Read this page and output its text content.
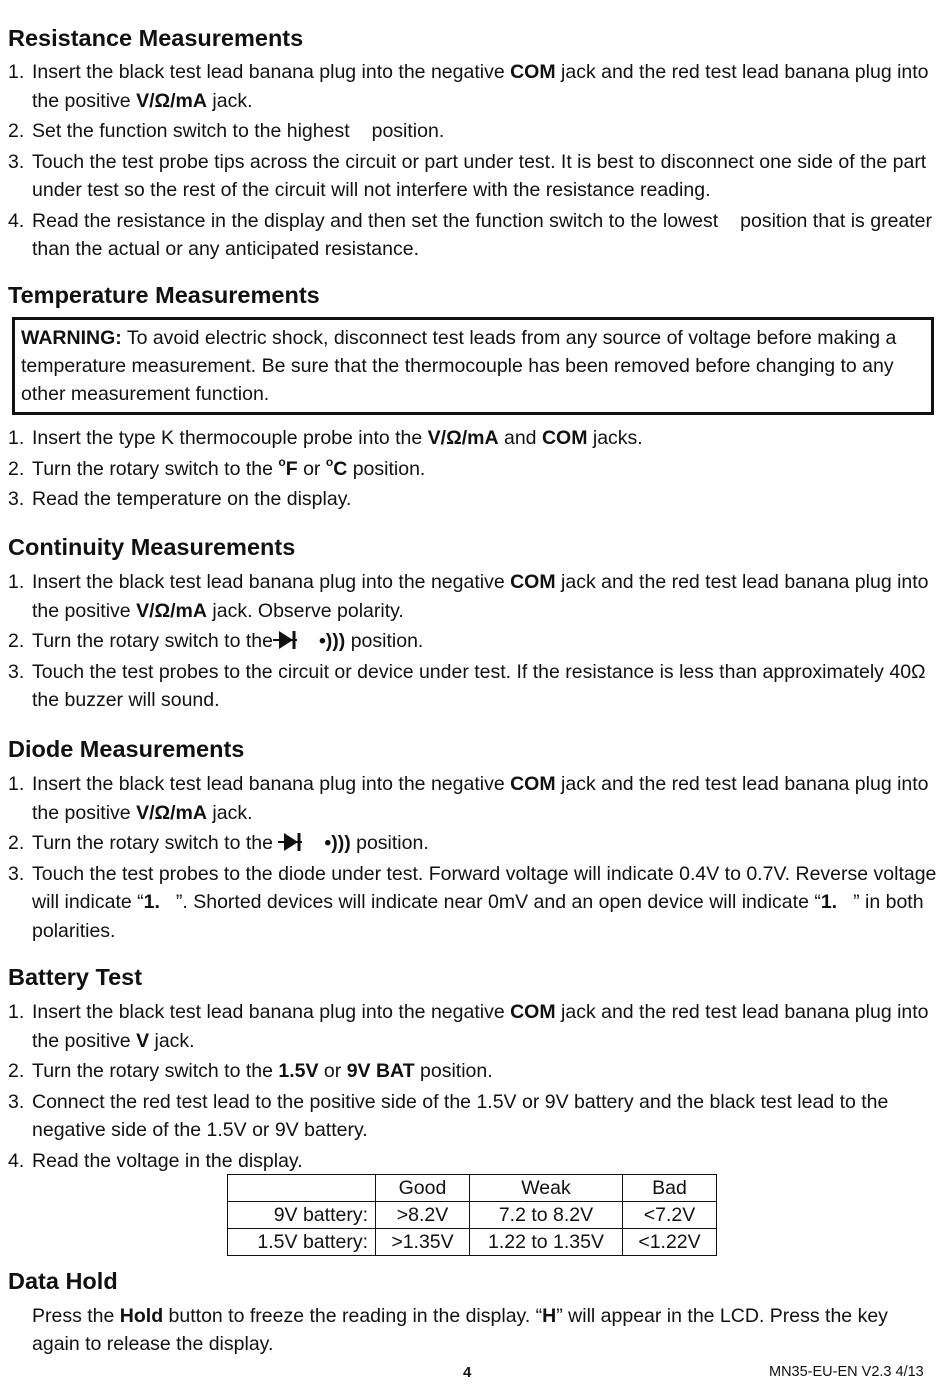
Resistance Measurements
1. Insert the black test lead banana plug into the negative COM jack and the red test lead banana plug into the positive V/Ω/mA jack.
2. Set the function switch to the highest position.
3. Touch the test probe tips across the circuit or part under test. It is best to disconnect one side of the part under test so the rest of the circuit will not interfere with the resistance reading.
4. Read the resistance in the display and then set the function switch to the lowest position that is greater than the actual or any anticipated resistance.
Temperature Measurements
WARNING: To avoid electric shock, disconnect test leads from any source of voltage before making a temperature measurement. Be sure that the thermocouple has been removed before changing to any other measurement function.
1. Insert the type K thermocouple probe into the V/Ω/mA and COM jacks.
2. Turn the rotary switch to the $^o$F or $^o$C position.
3. Read the temperature on the display.
Continuity Measurements
1. Insert the black test lead banana plug into the negative COM jack and the red test lead banana plug into the positive V/Ω/mA jack. Observe polarity.
2. Turn the rotary switch to the •))) position.
3. Touch the test probes to the circuit or device under test. If the resistance is less than approximately 40Ω the buzzer will sound.
Diode Measurements
1. Insert the black test lead banana plug into the negative COM jack and the red test lead banana plug into the positive V/Ω/mA jack.
2. Turn the rotary switch to the •))) position.
3. Touch the test probes to the diode under test. Forward voltage will indicate 0.4V to 0.7V. Reverse voltage will indicate “1. ”. Shorted devices will indicate near 0mV and an open device will indicate “1. ” in both polarities.
Battery Test
1. Insert the black test lead banana plug into the negative COM jack and the red test lead banana plug into the positive V jack.
2. Turn the rotary switch to the 1.5V or 9V BAT position.
3. Connect the red test lead to the positive side of the 1.5V or 9V battery and the black test lead to the negative side of the 1.5V or 9V battery.
4. Read the voltage in the display.
	Good	Weak	Bad
9V battery:	>8.2V	7.2 to 8.2V	<7.2V
1.5V battery:	>1.35V	1.22 to 1.35V	<1.22V
Data Hold

Press the Hold button to freeze the reading in the display. “H” will appear in the LCD. Press the key again to release the display.

4	MN35-EU-EN V2.3 4/13
